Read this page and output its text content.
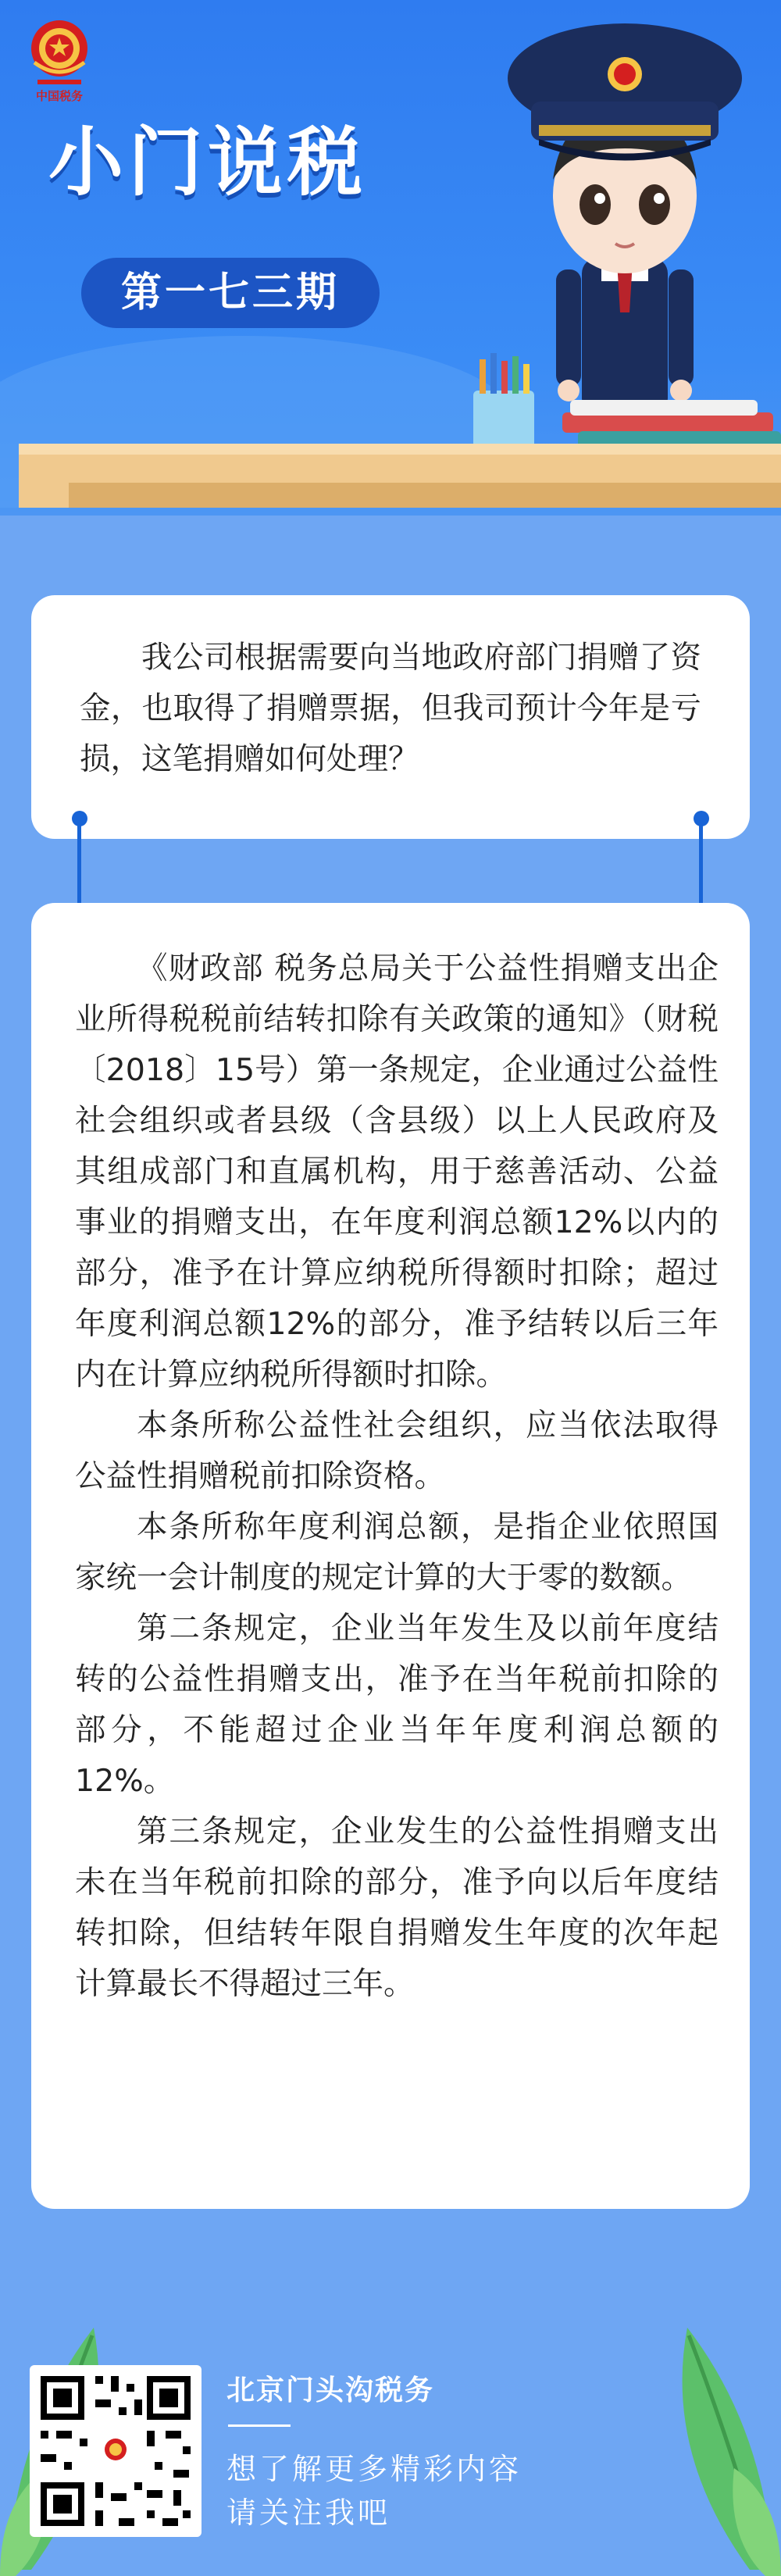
中国税务
小门说税
第一七三期

我公司根据需要向当地政府部门捐赠了资金，也取得了捐赠票据，但我司预计今年是亏损，这笔捐赠如何处理？

《财政部 税务总局关于公益性捐赠支出企业所得税税前结转扣除有关政策的通知》（财税〔2018〕15号）第一条规定，企业通过公益性社会组织或者县级（含县级）以上人民政府及其组成部门和直属机构，用于慈善活动、公益事业的捐赠支出，在年度利润总额12%以内的部分，准予在计算应纳税所得额时扣除；超过年度利润总额12%的部分，准予结转以后三年内在计算应纳税所得额时扣除。

本条所称公益性社会组织，应当依法取得公益性捐赠税前扣除资格。

本条所称年度利润总额，是指企业依照国家统一会计制度的规定计算的大于零的数额。

第二条规定，企业当年发生及以前年度结转的公益性捐赠支出，准予在当年税前扣除的部分，不能超过企业当年年度利润总额的12%。

第三条规定，企业发生的公益性捐赠支出未在当年税前扣除的部分，准予向以后年度结转扣除，但结转年限自捐赠发生年度的次年起计算最长不得超过三年。

北京门头沟税务
想了解更多精彩内容
请关注我吧
